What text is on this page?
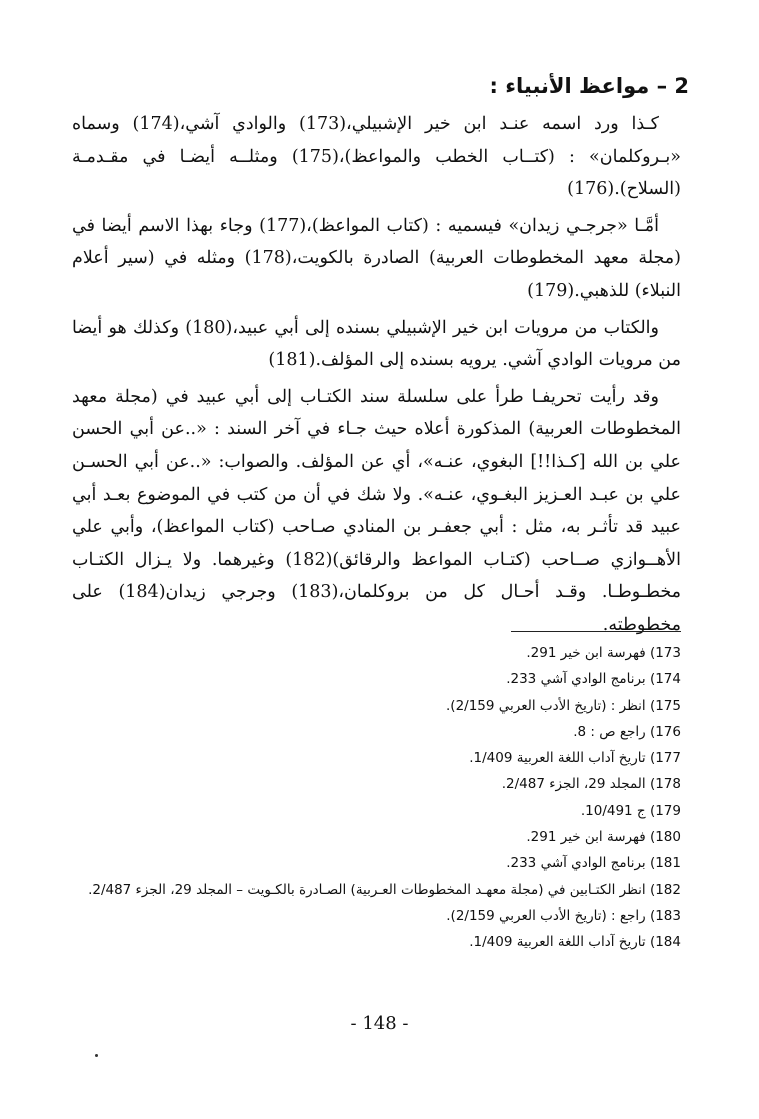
2 – مواعظ الأنبياء :

كـذا ورد اسمه عنـد ابن خير الإشبيلي،(173) والوادي آشي،(174) وسماه «بـروكلمان» : (كتــاب الخطب والمواعظ)،(175) ومثلــه أيضـا في مقـدمـة (السلاح).(176)

أمَّـا «جرجـي زيدان» فيسميه : (كتاب المواعظ)،(177) وجاء بهذا الاسم أيضا في (مجلة معهد المخطوطات العربية) الصادرة بالكويت،(178) ومثله في (سير أعلام النبلاء) للذهبي.(179)

والكتاب من مرويات ابن خير الإشبيلي بسنده إلى أبي عبيد،(180) وكذلك هو أيضا من مرويات الوادي آشي. يرويه بسنده إلى المؤلف.(181)

وقد رأيت تحريفـا طرأ على سلسلة سند الكتـاب إلى أبي عبيد في (مجلة معهد المخطوطات العربية) المذكورة أعلاه حيث جـاء في آخر السند : «..عن أبي الحسن علي بن الله [كـذا!!] البغوي، عنـه»، أي عن المؤلف. والصواب: «..عن أبي الحسـن علي بن عبـد العـزيز البغـوي، عنـه». ولا شك في أن من كتب في الموضوع بعـد أبي عبيد قد تأثـر به، مثل : أبي جعفـر بن المنادي صـاحب (كتاب المواعظ)، وأبي علي الأهــوازي صــاحب (كتـاب المواعظ والرقائق)(182) وغيرهما. ولا يـزال الكتـاب مخطـوطـا. وقـد أحـال كل من بروكلمان،(183) وجرجي زيدان(184) على مخطوطته.

173) فهرسة ابن خير 291.

174) برنامج الوادي آشي 233.

175) انظر : (تاريخ الأدب العربي 2/159).

176) راجع ص : 8.

177) تاريخ آداب اللغة العربية 1/409.

178) المجلد 29، الجزء 2/487.

179) ج 10/491.

180) فهرسة ابن خير 291.

181) برنامج الوادي آشي 233.

182) انظر الكتـابين في (مجلة معهـد المخطوطات العـربية) الصـادرة بالكـويت – المجلد 29، الجزء 2/487.

183) راجع : (تاريخ الأدب العربي 2/159).

184) تاريخ آداب اللغة العربية 1/409.

- 148 -
